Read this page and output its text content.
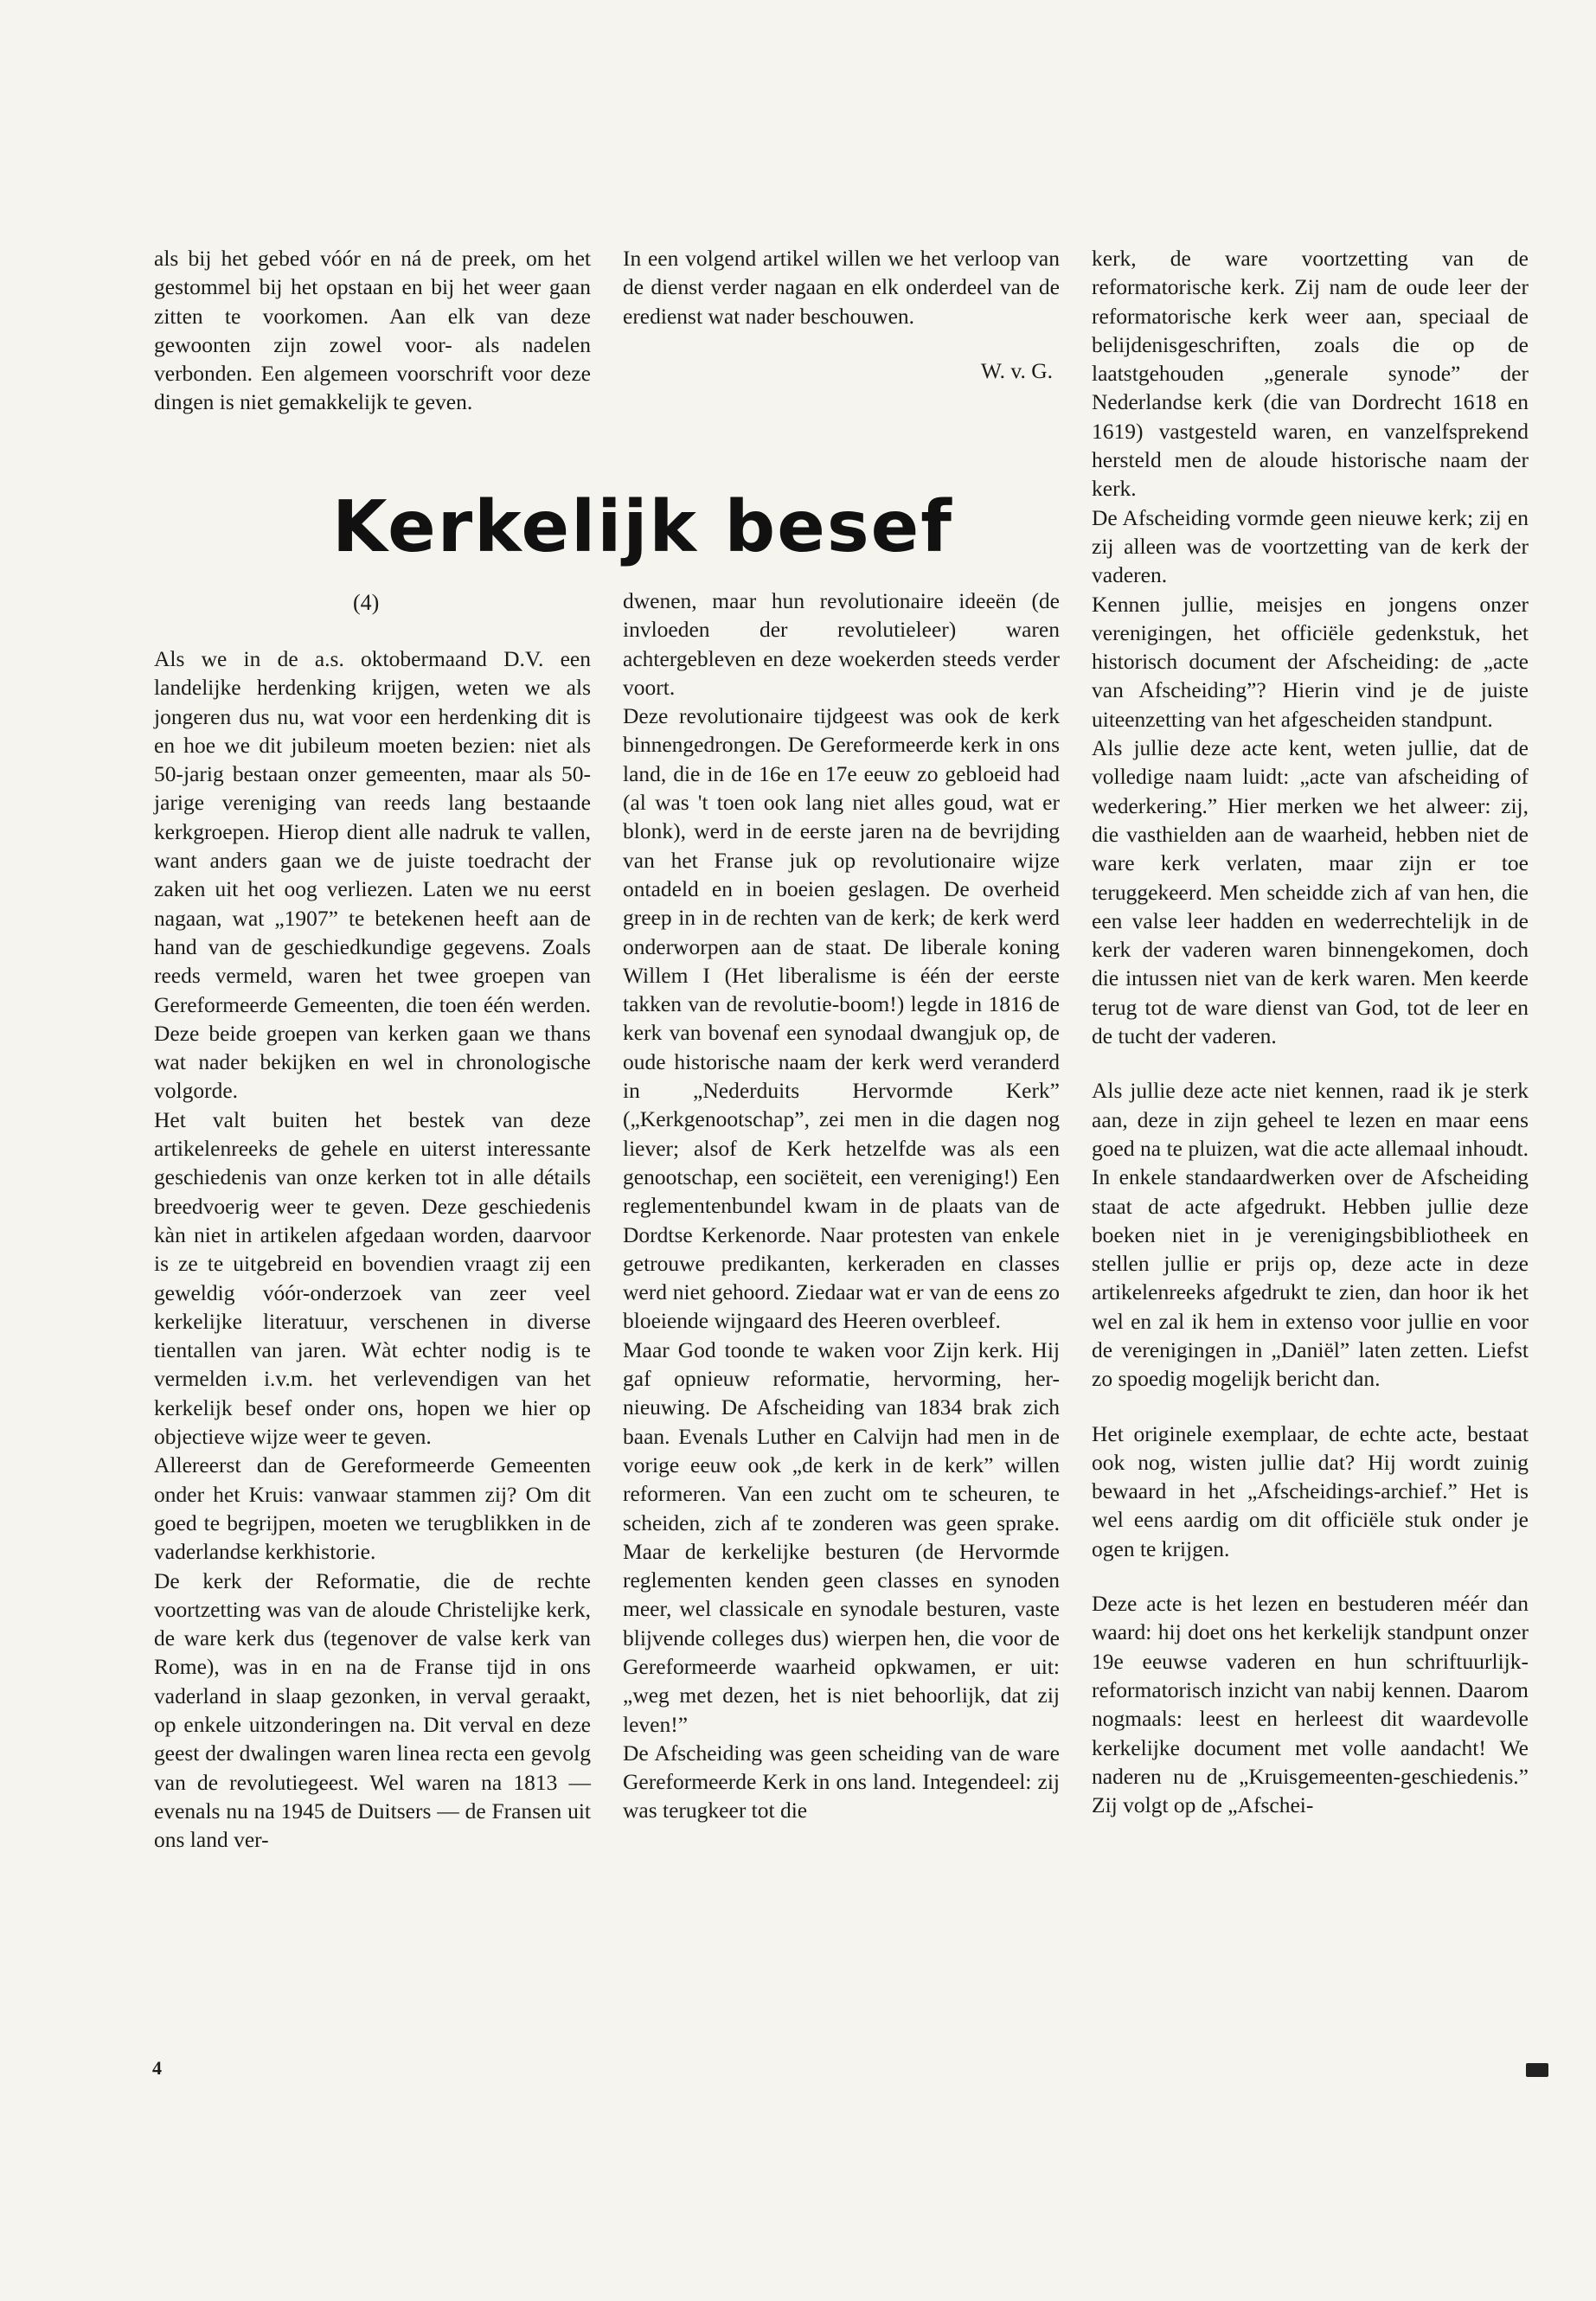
als bij het gebed vóór en ná de preek, om het gestommel bij het opstaan en bij het weer gaan zitten te voorkomen. Aan elk van deze gewoonten zijn zowel voor- als nadelen verbonden. Een algemeen voorschrift voor deze dingen is niet gemakkelijk te geven.

In een volgend artikel willen we het verloop van de dienst verder nagaan en elk onderdeel van de eredienst wat nader beschouwen.

W. v. G.

Kerkelijk besef
(4)

Als we in de a.s. oktobermaand D.V. een landelijke herdenking krijgen, weten we als jongeren dus nu, wat voor een herdenking dit is en hoe we dit jubileum moeten bezien: niet als 50-jarig bestaan onzer gemeenten, maar als 50-jarige vereniging van reeds lang bestaande kerkgroepen. Hierop dient alle nadruk te vallen, want anders gaan we de juiste toedracht der zaken uit het oog verliezen. Laten we nu eerst nagaan, wat „1907” te betekenen heeft aan de hand van de geschiedkundige gegevens. Zoals reeds vermeld, waren het twee groepen van Gereformeerde Gemeenten, die toen één werden. Deze beide groepen van kerken gaan we thans wat nader bekijken en wel in chronologische volgorde.

Het valt buiten het bestek van deze artikelenreeks de gehele en uiterst interessante geschiedenis van onze kerken tot in alle détails breedvoerig weer te geven. Deze geschiedenis kàn niet in artikelen afgedaan worden, daarvoor is ze te uitgebreid en bovendien vraagt zij een geweldig vóór-onderzoek van zeer veel kerkelijke literatuur, verschenen in diverse tientallen van jaren. Wàt echter nodig is te vermelden i.v.m. het verlevendigen van het kerkelijk besef onder ons, hopen we hier op objectieve wijze weer te geven.

Allereerst dan de Gereformeerde Gemeenten onder het Kruis: vanwaar stammen zij? Om dit goed te begrijpen, moeten we terugblikken in de vaderlandse kerkhistorie.

De kerk der Reformatie, die de rechte voortzetting was van de aloude Christelijke kerk, de ware kerk dus (tegenover de valse kerk van Rome), was in en na de Franse tijd in ons vaderland in slaap gezonken, in verval geraakt, op enkele uitzonderingen na. Dit verval en deze geest der dwalingen waren linea recta een gevolg van de revolutiegeest. Wel waren na 1813 — evenals nu na 1945 de Duitsers — de Fransen uit ons land ver-

dwenen, maar hun revolutionaire ideeën (de invloeden der revolutieleer) waren achtergebleven en deze woekerden steeds verder voort.

Deze revolutionaire tijdgeest was ook de kerk binnengedrongen. De Gereformeerde kerk in ons land, die in de 16e en 17e eeuw zo gebloeid had (al was 't toen ook lang niet alles goud, wat er blonk), werd in de eerste jaren na de bevrijding van het Franse juk op revolutionaire wijze ontadeld en in boeien geslagen. De overheid greep in in de rechten van de kerk; de kerk werd onderworpen aan de staat. De liberale koning Willem I (Het liberalisme is één der eerste takken van de revolutie-boom!) legde in 1816 de kerk van bovenaf een synodaal dwangjuk op, de oude historische naam der kerk werd veranderd in „Nederduits Hervormde Kerk” („Kerkgenootschap”, zei men in die dagen nog liever; alsof de Kerk hetzelfde was als een genootschap, een sociëteit, een vereniging!) Een reglementenbundel kwam in de plaats van de Dordtse Kerkenorde. Naar protesten van enkele getrouwe predikanten, kerkeraden en classes werd niet gehoord. Ziedaar wat er van de eens zo bloeiende wijngaard des Heeren overbleef.

Maar God toonde te waken voor Zijn kerk. Hij gaf opnieuw reformatie, hervorming, her-nieuwing. De Afscheiding van 1834 brak zich baan. Evenals Luther en Calvijn had men in de vorige eeuw ook „de kerk in de kerk” willen reformeren. Van een zucht om te scheuren, te scheiden, zich af te zonderen was geen sprake. Maar de kerkelijke besturen (de Hervormde reglementen kenden geen classes en synoden meer, wel classicale en synodale besturen, vaste blijvende colleges dus) wierpen hen, die voor de Gereformeerde waarheid opkwamen, er uit: „weg met dezen, het is niet behoorlijk, dat zij leven!”

De Afscheiding was geen scheiding van de ware Gereformeerde Kerk in ons land. Integendeel: zij was terugkeer tot die

kerk, de ware voortzetting van de reformatorische kerk. Zij nam de oude leer der reformatorische kerk weer aan, speciaal de belijdenisgeschriften, zoals die op de laatstgehouden „generale synode” der Nederlandse kerk (die van Dordrecht 1618 en 1619) vastgesteld waren, en vanzelfsprekend hersteld men de aloude historische naam der kerk.

De Afscheiding vormde geen nieuwe kerk; zij en zij alleen was de voortzetting van de kerk der vaderen.

Kennen jullie, meisjes en jongens onzer verenigingen, het officiële gedenkstuk, het historisch document der Afscheiding: de „acte van Afscheiding”? Hierin vind je de juiste uiteenzetting van het afgescheiden standpunt.

Als jullie deze acte kent, weten jullie, dat de volledige naam luidt: „acte van afscheiding of wederkering.” Hier merken we het alweer: zij, die vasthielden aan de waarheid, hebben niet de ware kerk verlaten, maar zijn er toe teruggekeerd. Men scheidde zich af van hen, die een valse leer hadden en wederrechtelijk in de kerk der vaderen waren binnengekomen, doch die intussen niet van de kerk waren. Men keerde terug tot de ware dienst van God, tot de leer en de tucht der vaderen.

Als jullie deze acte niet kennen, raad ik je sterk aan, deze in zijn geheel te lezen en maar eens goed na te pluizen, wat die acte allemaal inhoudt. In enkele standaardwerken over de Afscheiding staat de acte afgedrukt. Hebben jullie deze boeken niet in je verenigingsbibliotheek en stellen jullie er prijs op, deze acte in deze artikelenreeks afgedrukt te zien, dan hoor ik het wel en zal ik hem in extenso voor jullie en voor de verenigingen in „Daniël” laten zetten. Liefst zo spoedig mogelijk bericht dan.

Het originele exemplaar, de echte acte, bestaat ook nog, wisten jullie dat? Hij wordt zuinig bewaard in het „Afscheidings-archief.” Het is wel eens aardig om dit officiële stuk onder je ogen te krijgen.

Deze acte is het lezen en bestuderen méér dan waard: hij doet ons het kerkelijk standpunt onzer 19e eeuwse vaderen en hun schriftuurlijk-reformatorisch inzicht van nabij kennen. Daarom nogmaals: leest en herleest dit waardevolle kerkelijke document met volle aandacht! We naderen nu de „Kruisgemeenten-geschiedenis.” Zij volgt op de „Afschei-

4
